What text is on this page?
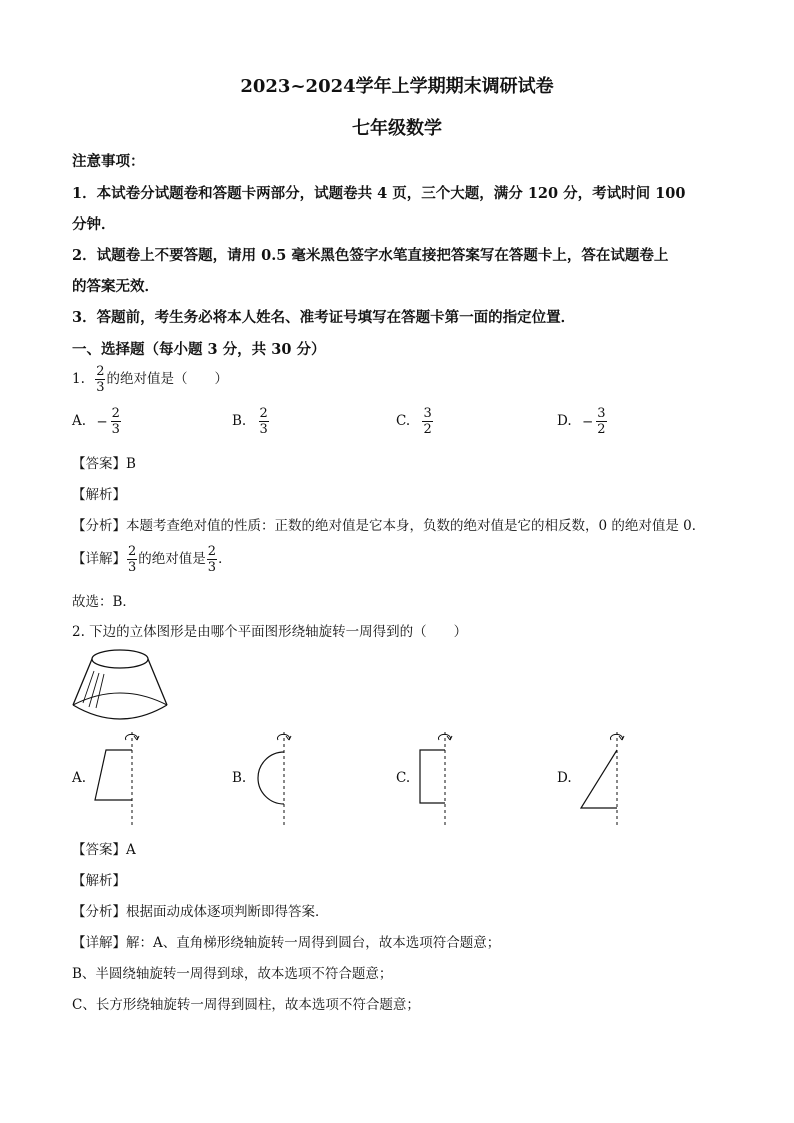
2023~2024学年上学期期末调研试卷
七年级数学
注意事项：
1．本试卷分试题卷和答题卡两部分，试题卷共 4 页，三个大题，满分 120 分，考试时间 100
分钟．
2．试题卷上不要答题，请用 0.5 毫米黑色签字水笔直接把答案写在答题卡上，答在试题卷上
的答案无效．
3．答题前，考生务必将本人姓名、准考证号填写在答题卡第一面的指定位置．
一、选择题（每小题 3 分，共 30 分）
1. $\frac{2}{3}$ 的绝对值是（　　）
A. − $\frac{2}{3}$	B. $\frac{2}{3}$	C. $\frac{3}{2}$	D. − $\frac{3}{2}$
【答案】B
【解析】
【分析】本题考查绝对值的性质：正数的绝对值是它本身，负数的绝对值是它的相反数，0 的绝对值是 0．
【详解】 $\frac{2}{3}$ 的绝对值是 $\frac{2}{3}$ ．
故选：B．
2. 下边的立体图形是由哪个平面图形绕轴旋转一周得到的（　　）
A.	B.	C.	D.
【答案】A
【解析】
【分析】根据面动成体逐项判断即得答案．
【详解】解：A、直角梯形绕轴旋转一周得到圆台，故本选项符合题意；
B、半圆绕轴旋转一周得到球，故本选项不符合题意；
C、长方形绕轴旋转一周得到圆柱，故本选项不符合题意；
